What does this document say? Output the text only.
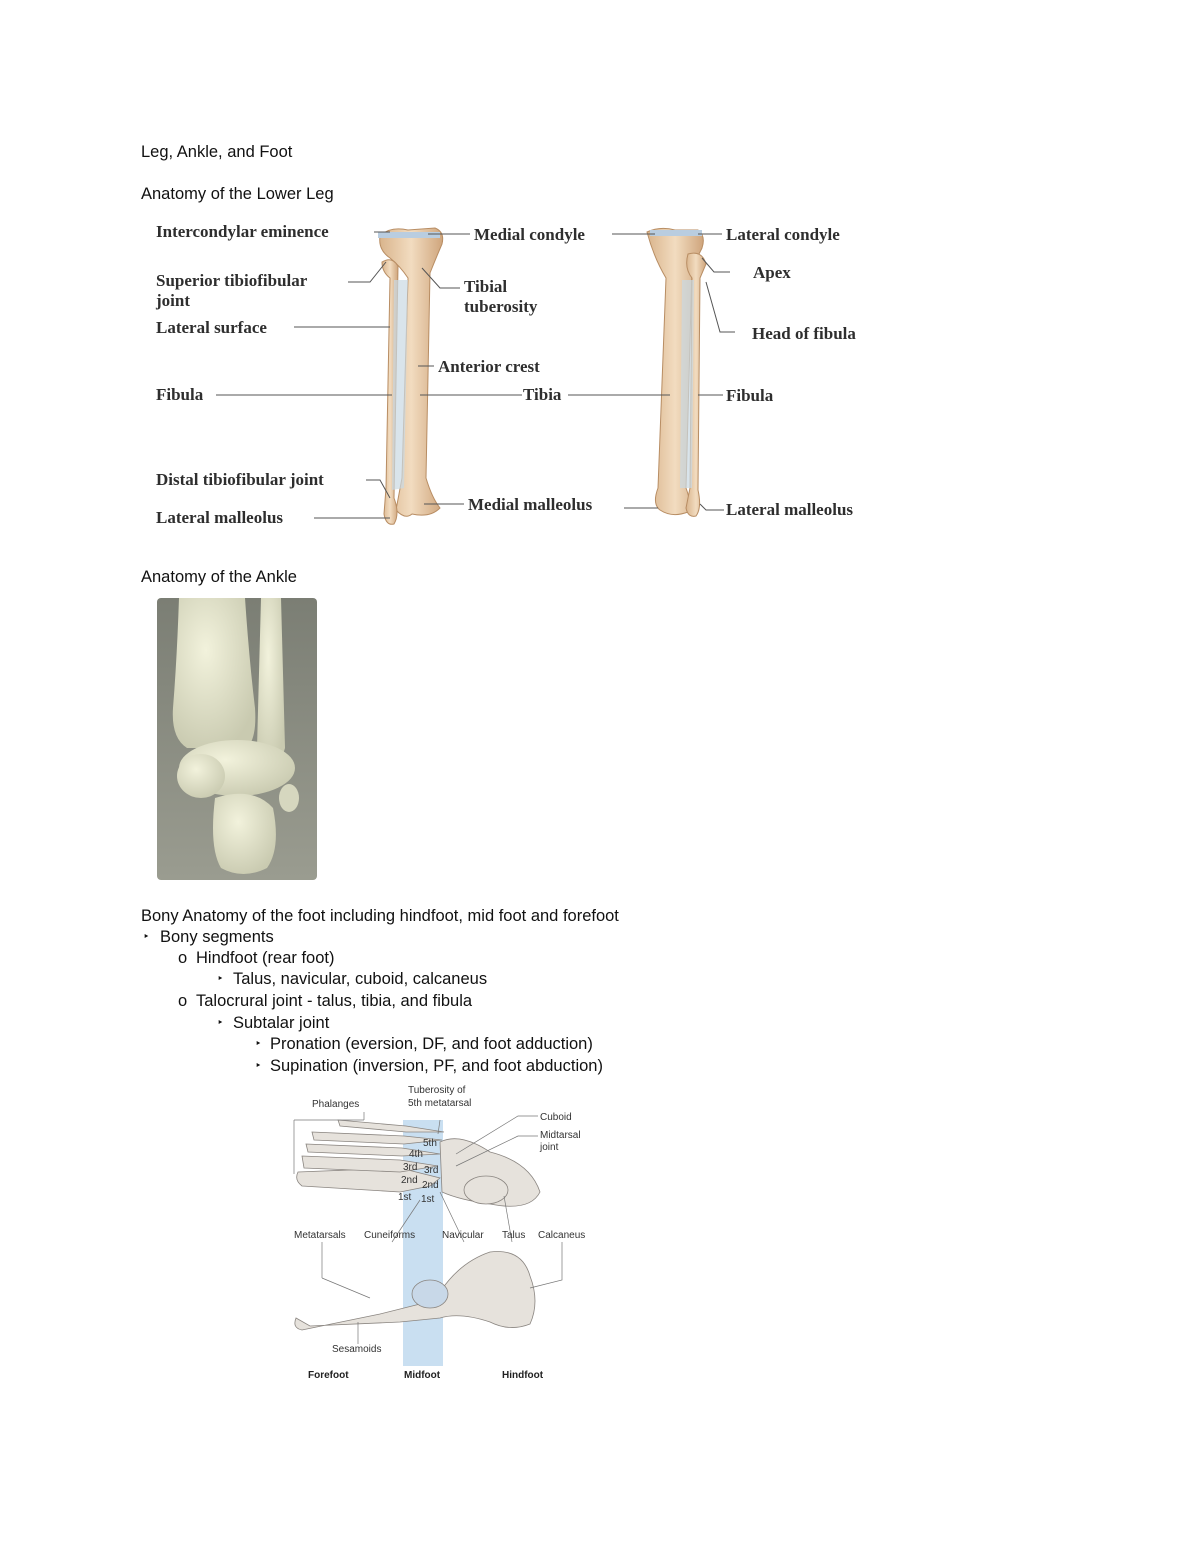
Leg, Ankle, and Foot
Anatomy of the Lower Leg
Intercondylar eminence	Medial condyle	Lateral condyle
Superior tibiofibular
joint
Tibial
tuberosity
Apex
Lateral surface	Head of fibula
Anterior crest
Fibula	Tibia	Fibula
Distal tibiofibular joint
Lateral malleolus
Medial malleolus	Lateral malleolus
Anatomy of the Ankle
Bony Anatomy of the foot including hindfoot, mid foot and forefoot
‣ Bony segments
o Hindfoot (rear foot)
‣ Talus, navicular, cuboid, calcaneus
o Talocrural joint - talus, tibia, and fibula
‣ Subtalar joint
‣ Pronation (eversion, DF, and foot adduction)
‣ Supination (inversion, PF, and foot abduction)
Tuberosity of
5th metatarsal
Phalanges
Cuboid
Midtarsal
joint
5th
4th
3rd 3rd
2nd 2nd
1st 1st
Metatarsals Cuneiforms	Navicular Talus Calcaneus
Sesamoids
Forefoot	Midfoot	Hindfoot
